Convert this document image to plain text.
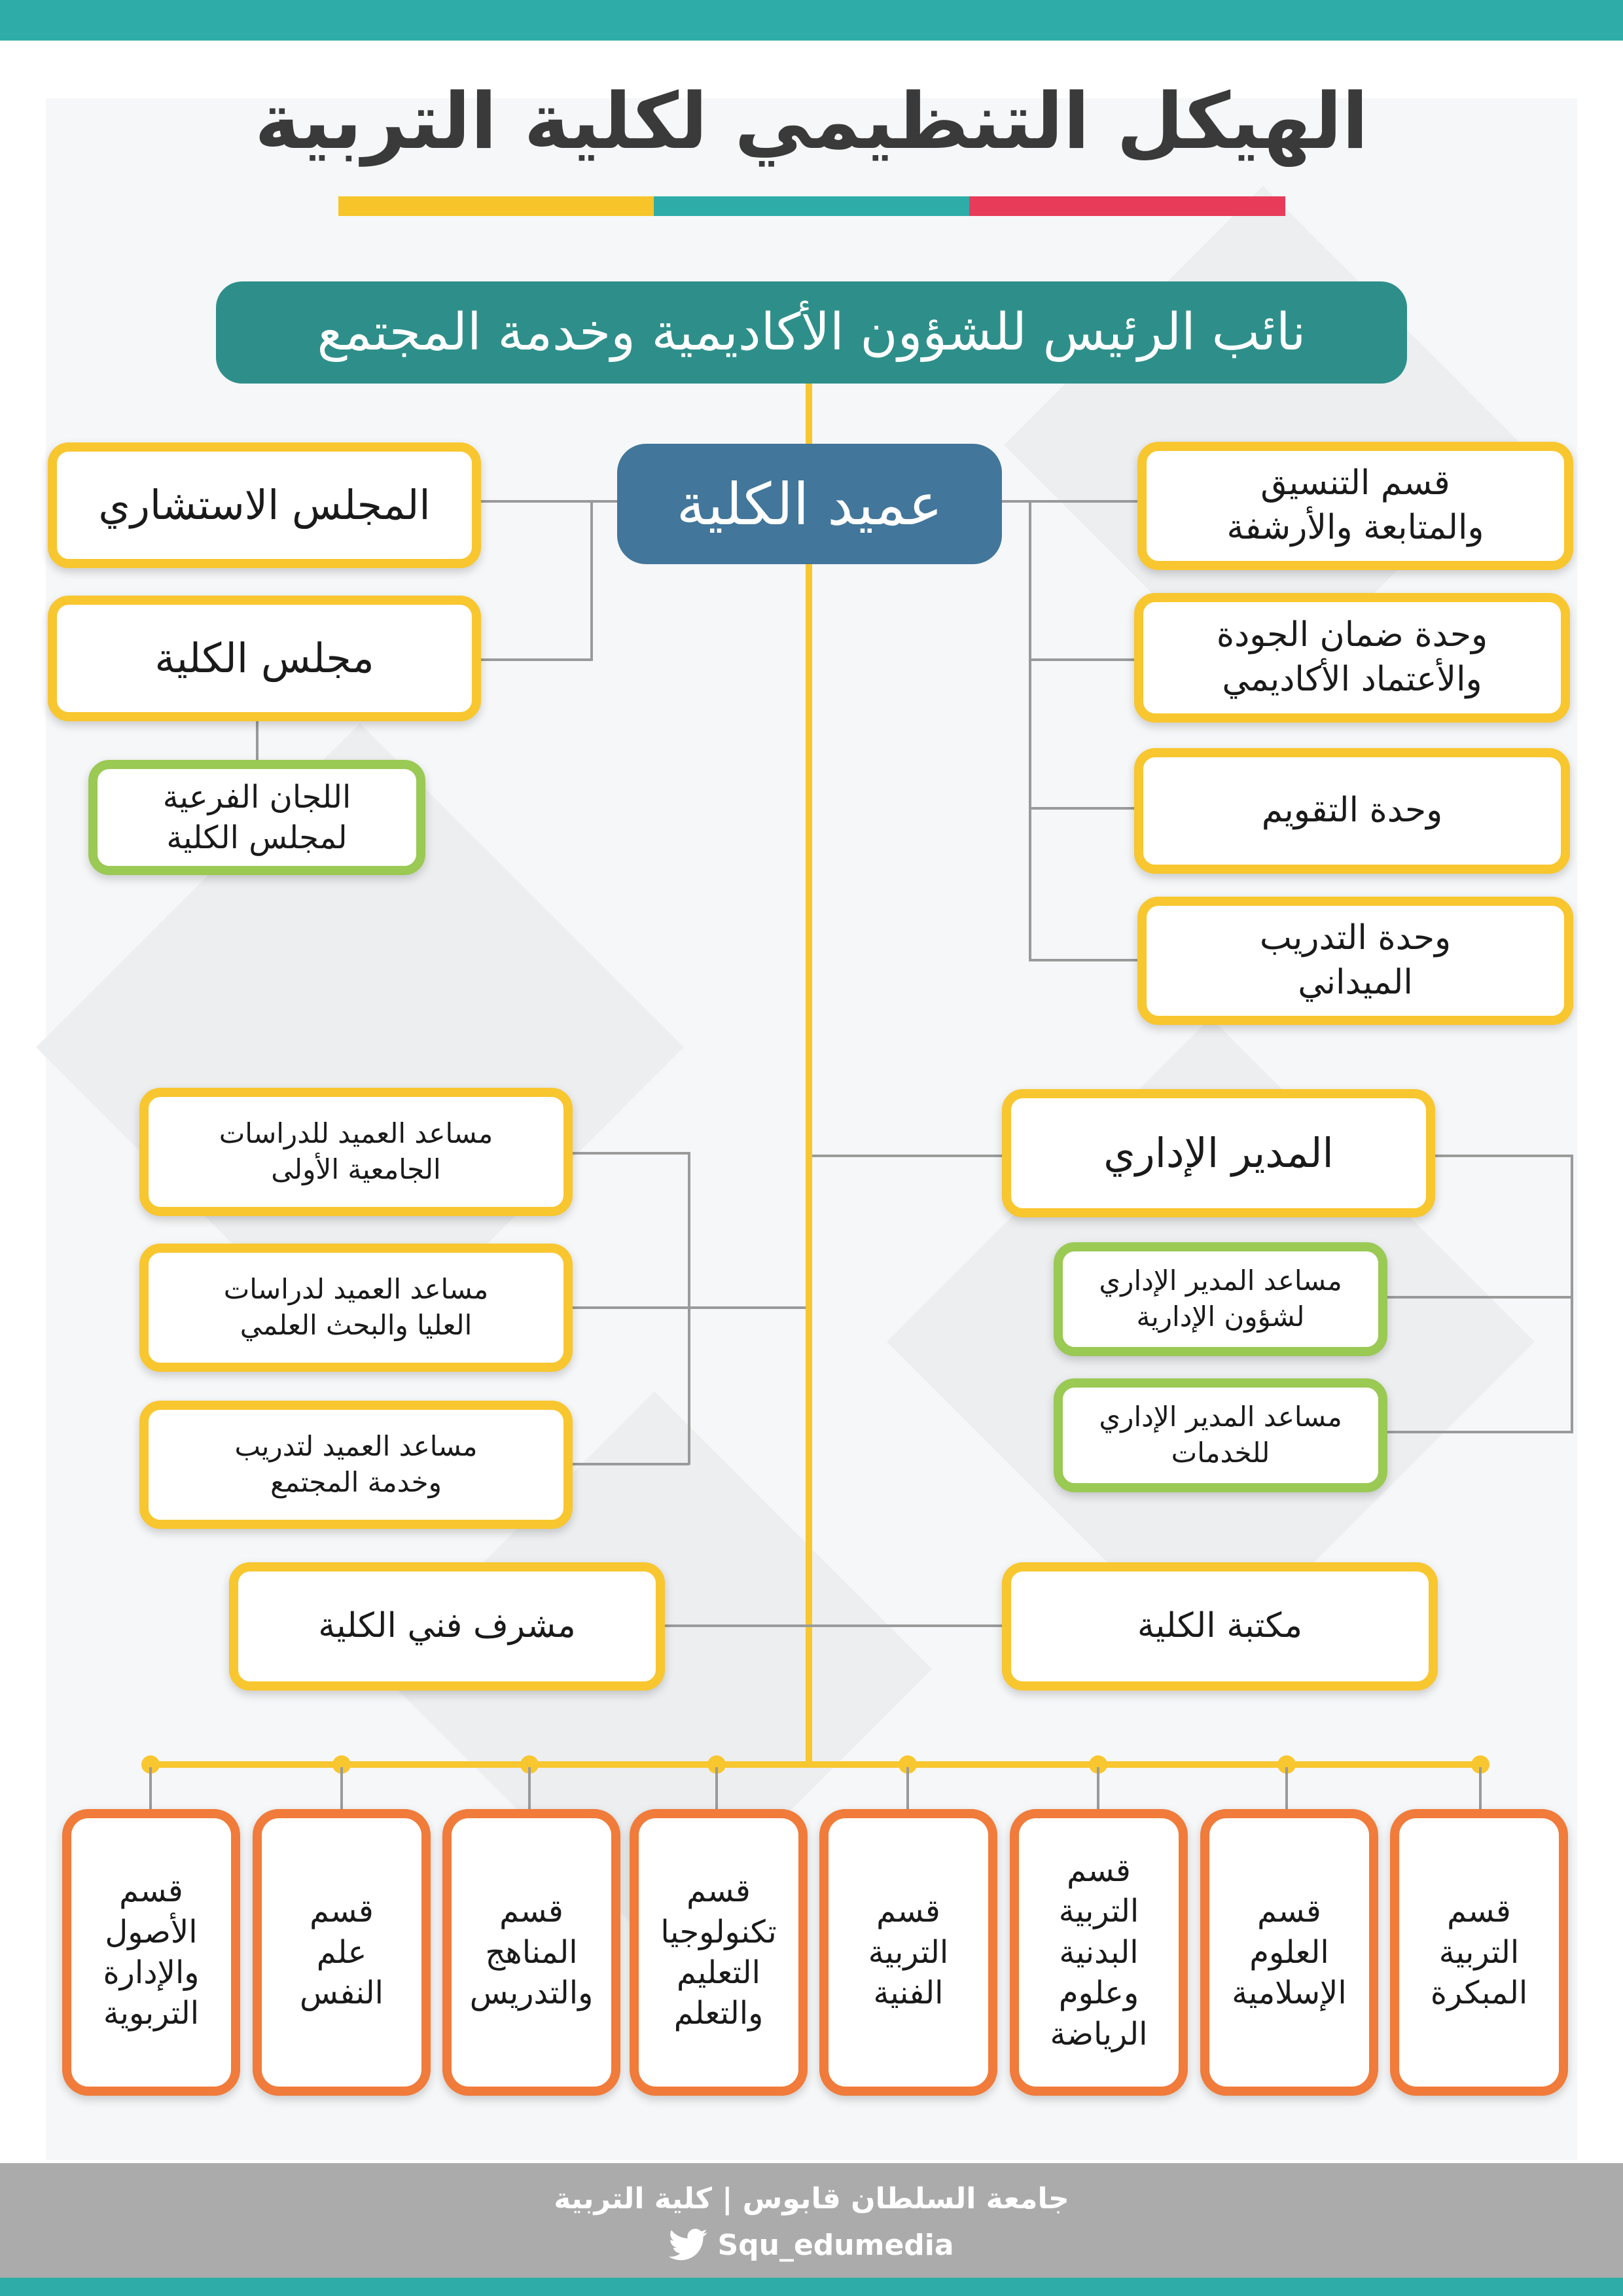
الهيكل التنظيمي لكلية التربية
نائب الرئيس للشؤون الأكاديمية وخدمة المجتمع
عميد الكلية
المجلس الاستشاري
مجلس الكلية
اللجان الفرعية
لمجلس الكلية
قسم التنسيق
والمتابعة والأرشفة
وحدة ضمان الجودة
والأعتماد الأكاديمي
وحدة التقويم
وحدة التدريب
الميداني
مساعد العميد للدراسات
الجامعية الأولى
مساعد العميد لدراسات
العليا والبحث العلمي
مساعد العميد لتدريب
وخدمة المجتمع
المدير الإداري
مساعد المدير الإداري
لشؤون الإدارية
مساعد المدير الإداري
للخدمات
مشرف فني الكلية	مكتبة الكلية
قسم
التربية
المبكرة
قسم
العلوم
الإسلامية
قسم
التربية
البدنية
وعلوم
الرياضة
قسم
التربية
الفنية
قسم
تكنولوجيا
التعليم
والتعلم
قسم
المناهج
والتدريس
قسم
علم
النفس
قسم
الأصول
والإدارة
التربوية
جامعة السلطان قابوس | كلية التربية
Squ_edumedia
